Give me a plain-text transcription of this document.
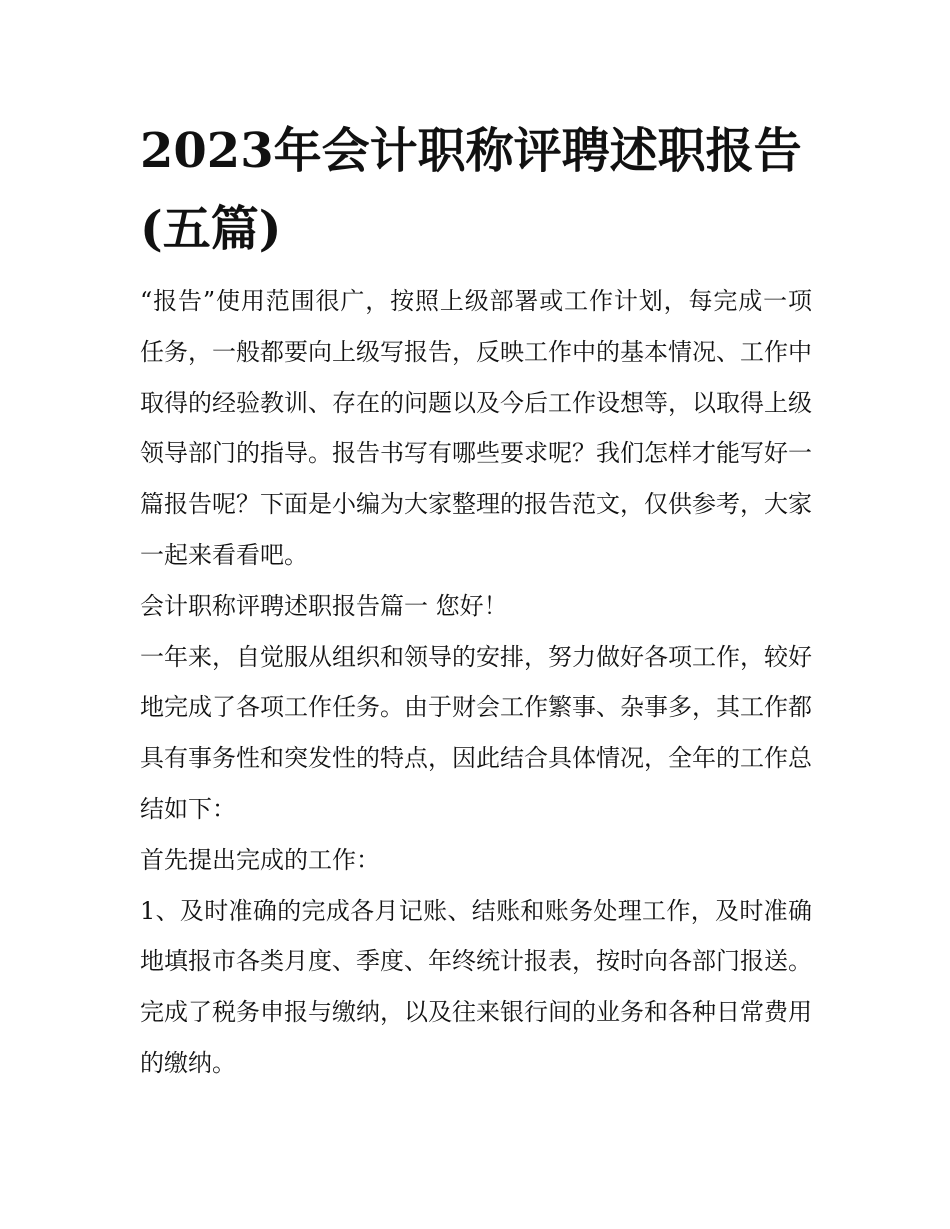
2023年会计职称评聘述职报告(五篇)

“报告”使用范围很广，按照上级部署或工作计划，每完成一项任务，一般都要向上级写报告，反映工作中的基本情况、工作中取得的经验教训、存在的问题以及今后工作设想等，以取得上级领导部门的指导。报告书写有哪些要求呢？我们怎样才能写好一篇报告呢？下面是小编为大家整理的报告范文，仅供参考，大家一起来看看吧。

会计职称评聘述职报告篇一 您好！

一年来，自觉服从组织和领导的安排，努力做好各项工作，较好地完成了各项工作任务。由于财会工作繁事、杂事多，其工作都具有事务性和突发性的特点，因此结合具体情况，全年的工作总结如下：

首先提出完成的工作：

1、及时准确的完成各月记账、结账和账务处理工作，及时准确地填报市各类月度、季度、年终统计报表，按时向各部门报送。完成了税务申报与缴纳，以及往来银行间的业务和各种日常费用的缴纳。
